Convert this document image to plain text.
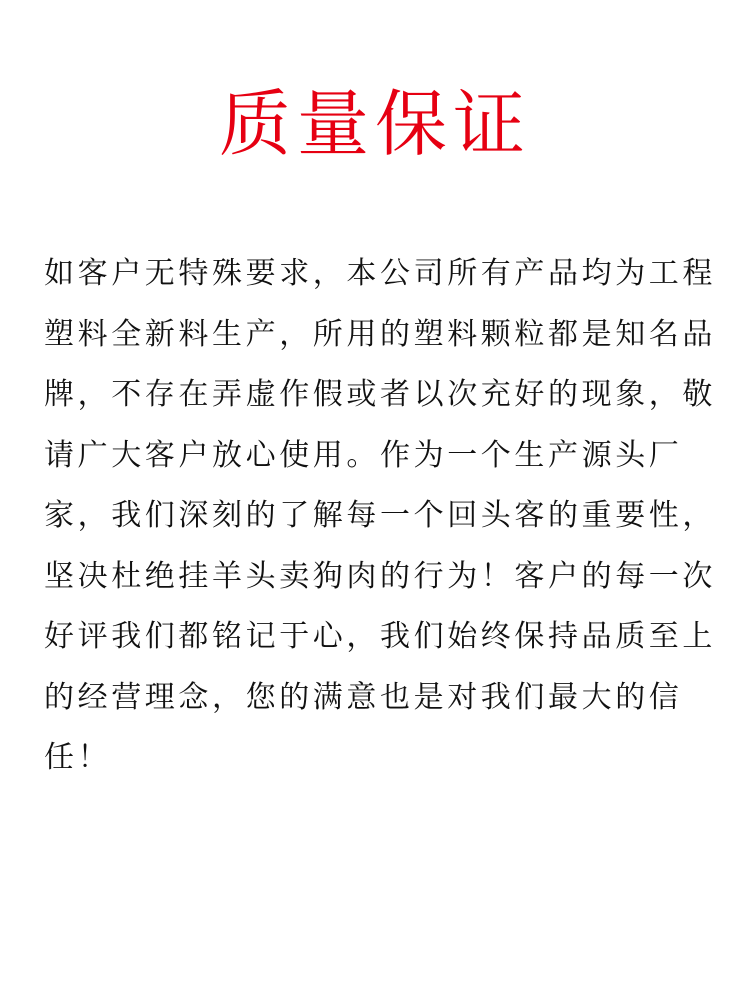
质量保证

如客户无特殊要求，本公司所有产品均为工程塑料全新料生产，所用的塑料颗粒都是知名品牌，不存在弄虚作假或者以次充好的现象，敬请广大客户放心使用。作为一个生产源头厂家，我们深刻的了解每一个回头客的重要性，坚决杜绝挂羊头卖狗肉的行为！客户的每一次好评我们都铭记于心，我们始终保持品质至上的经营理念，您的满意也是对我们最大的信任！
